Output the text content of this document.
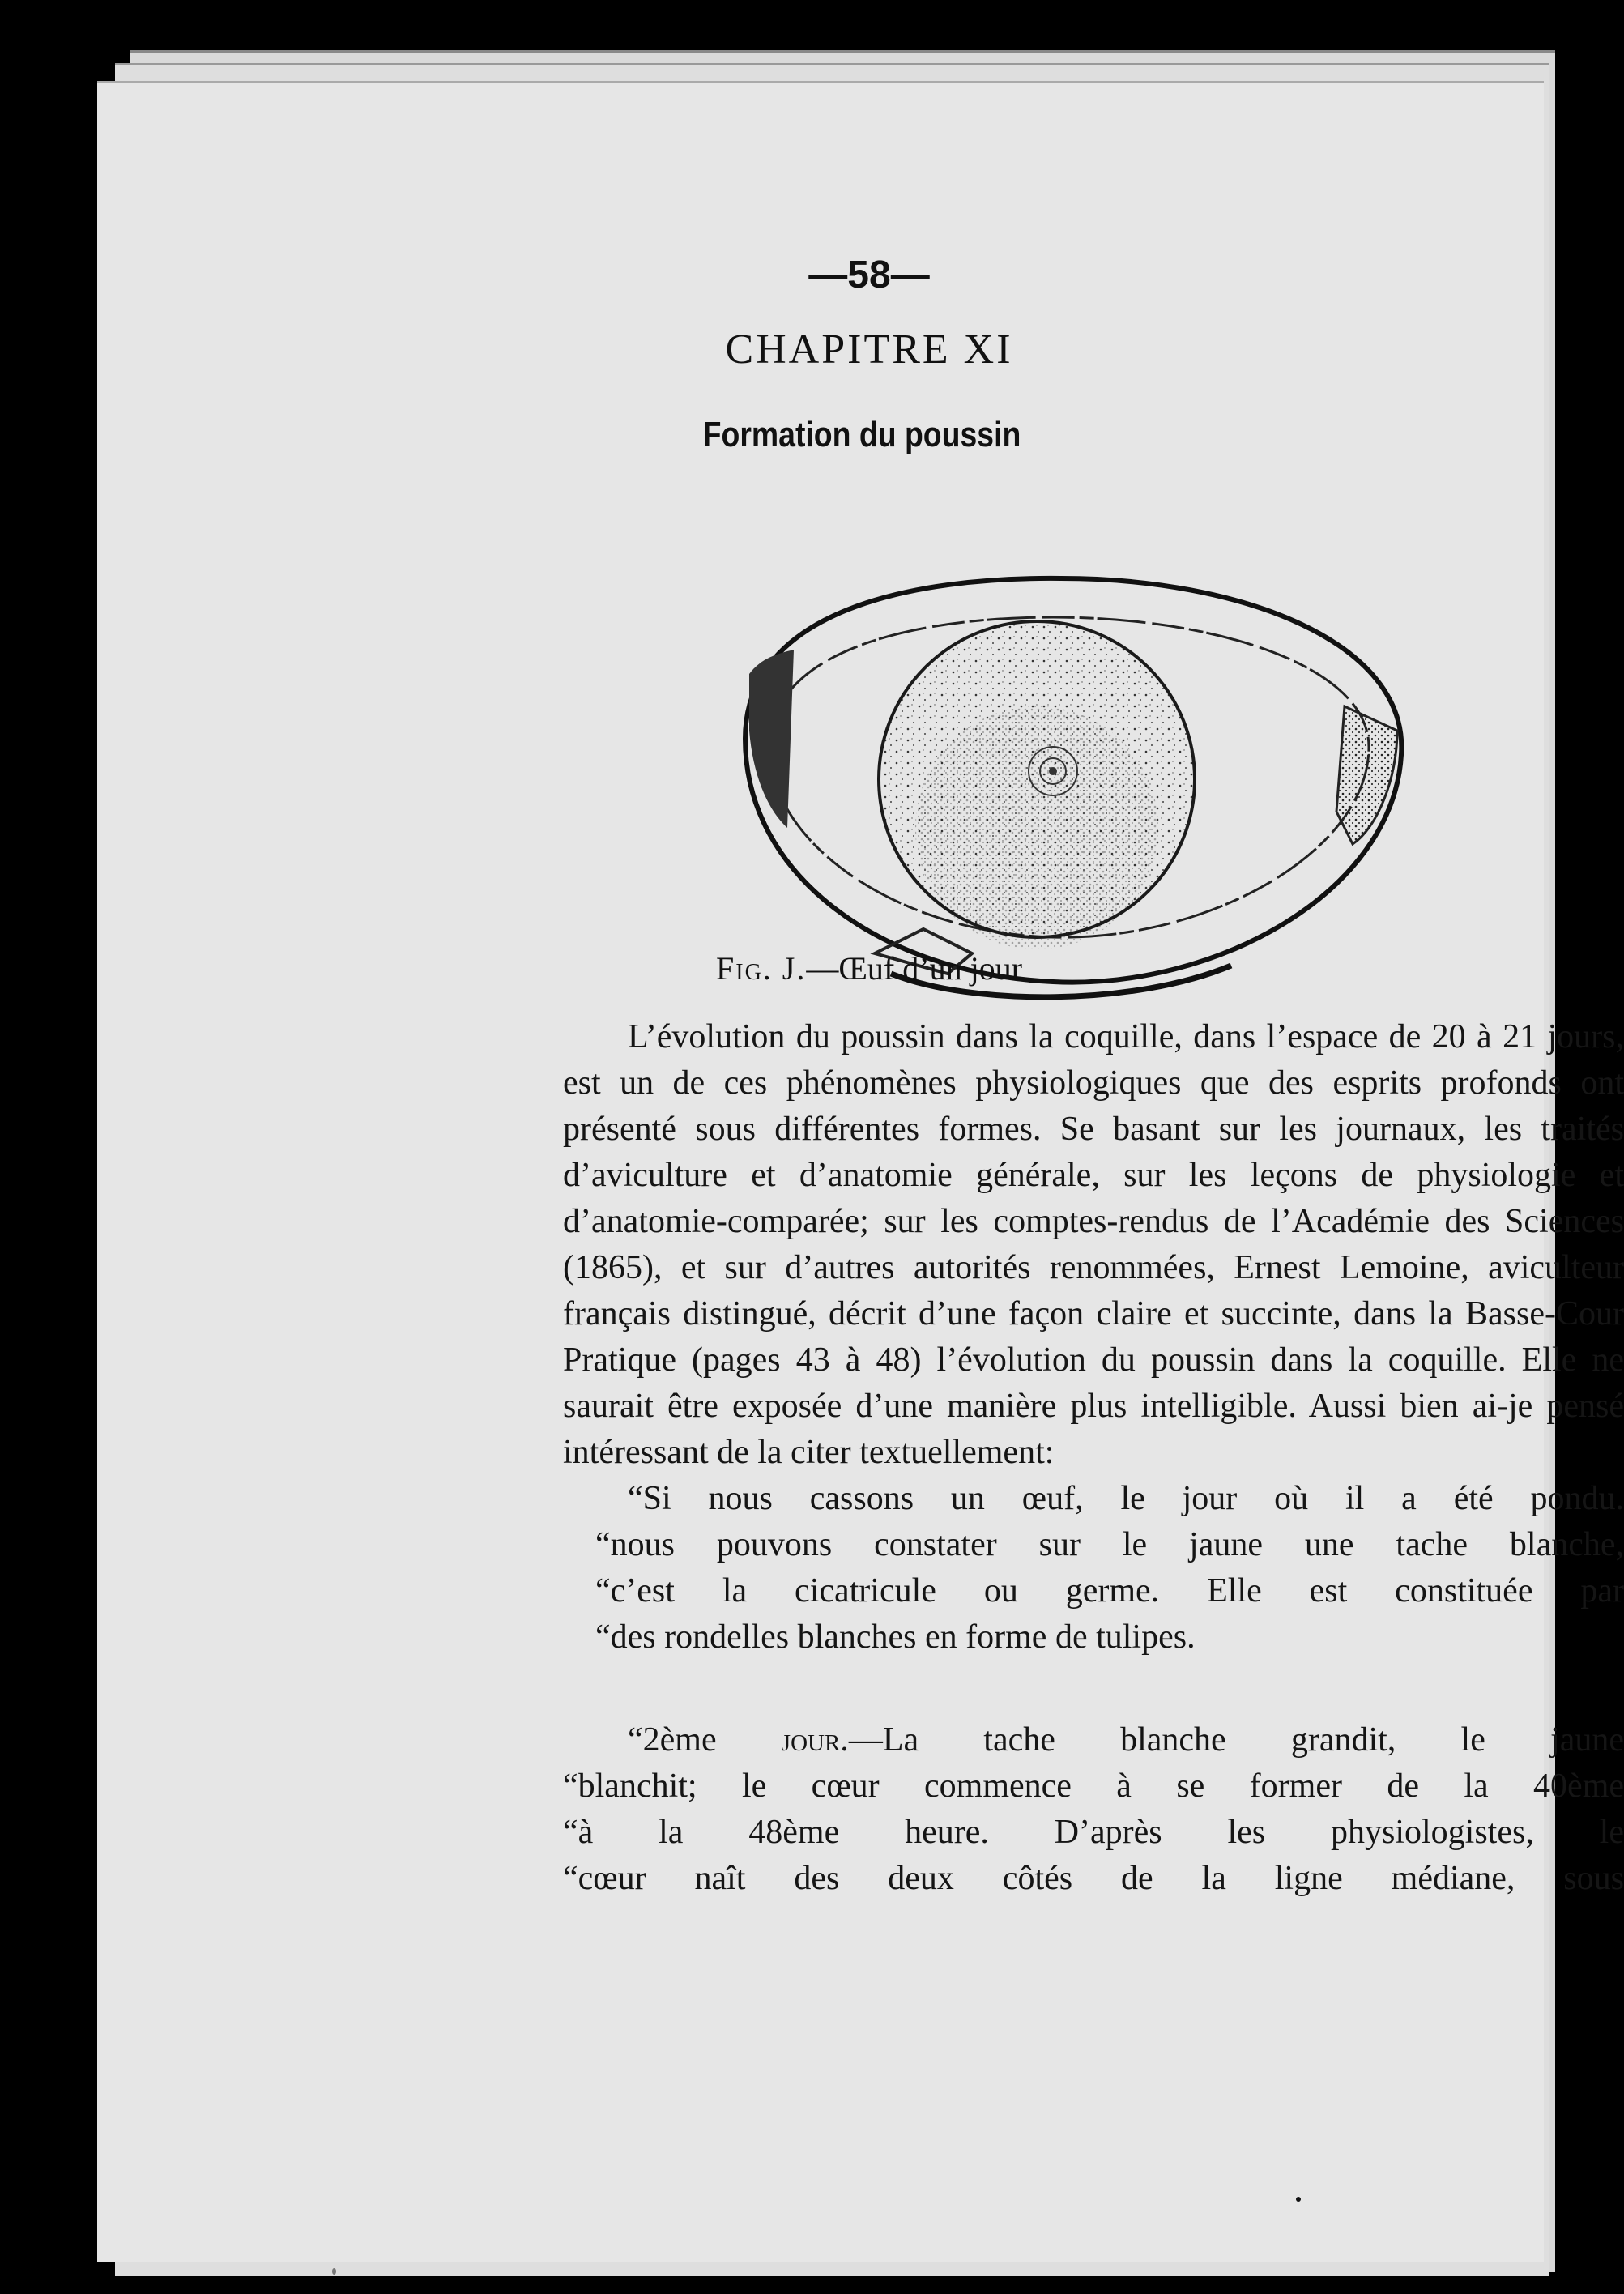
—58—
CHAPITRE XI
Formation du poussin
Fig. J.—Œuf d’un jour

L’évolution du poussin dans la coquille, dans l’espace de 20 à 21 jours, est un de ces phénomènes physiologiques que des esprits profonds ont présenté sous différentes formes. Se basant sur les journaux, les traités d’aviculture et d’anatomie générale, sur les leçons de physiologie et d’anatomie-comparée; sur les comptes-rendus de l’Académie des Sciences (1865), et sur d’autres autorités renommées, Ernest Lemoine, aviculteur français distingué, décrit d’une façon claire et succinte, dans la Basse-Cour Pratique (pages 43 à 48) l’évolution du poussin dans la coquille. Elle ne saurait être exposée d’une manière plus intelligible. Aussi bien ai-je pensé intéressant de la citer textuellement:

“Si nous cassons un œuf, le jour où il a été pondu.
“nous pouvons constater sur le jaune une tache blanche,
“c’est la cicatricule ou germe. Elle est constituée par
“des rondelles blanches en forme de tulipes.
“2ème jour.—La tache blanche grandit, le jaune
“blanchit; le cœur commence à se former de la 40ème
“à la 48ème heure. D’après les physiologistes, le
“cœur naît des deux côtés de la ligne médiane, sous
